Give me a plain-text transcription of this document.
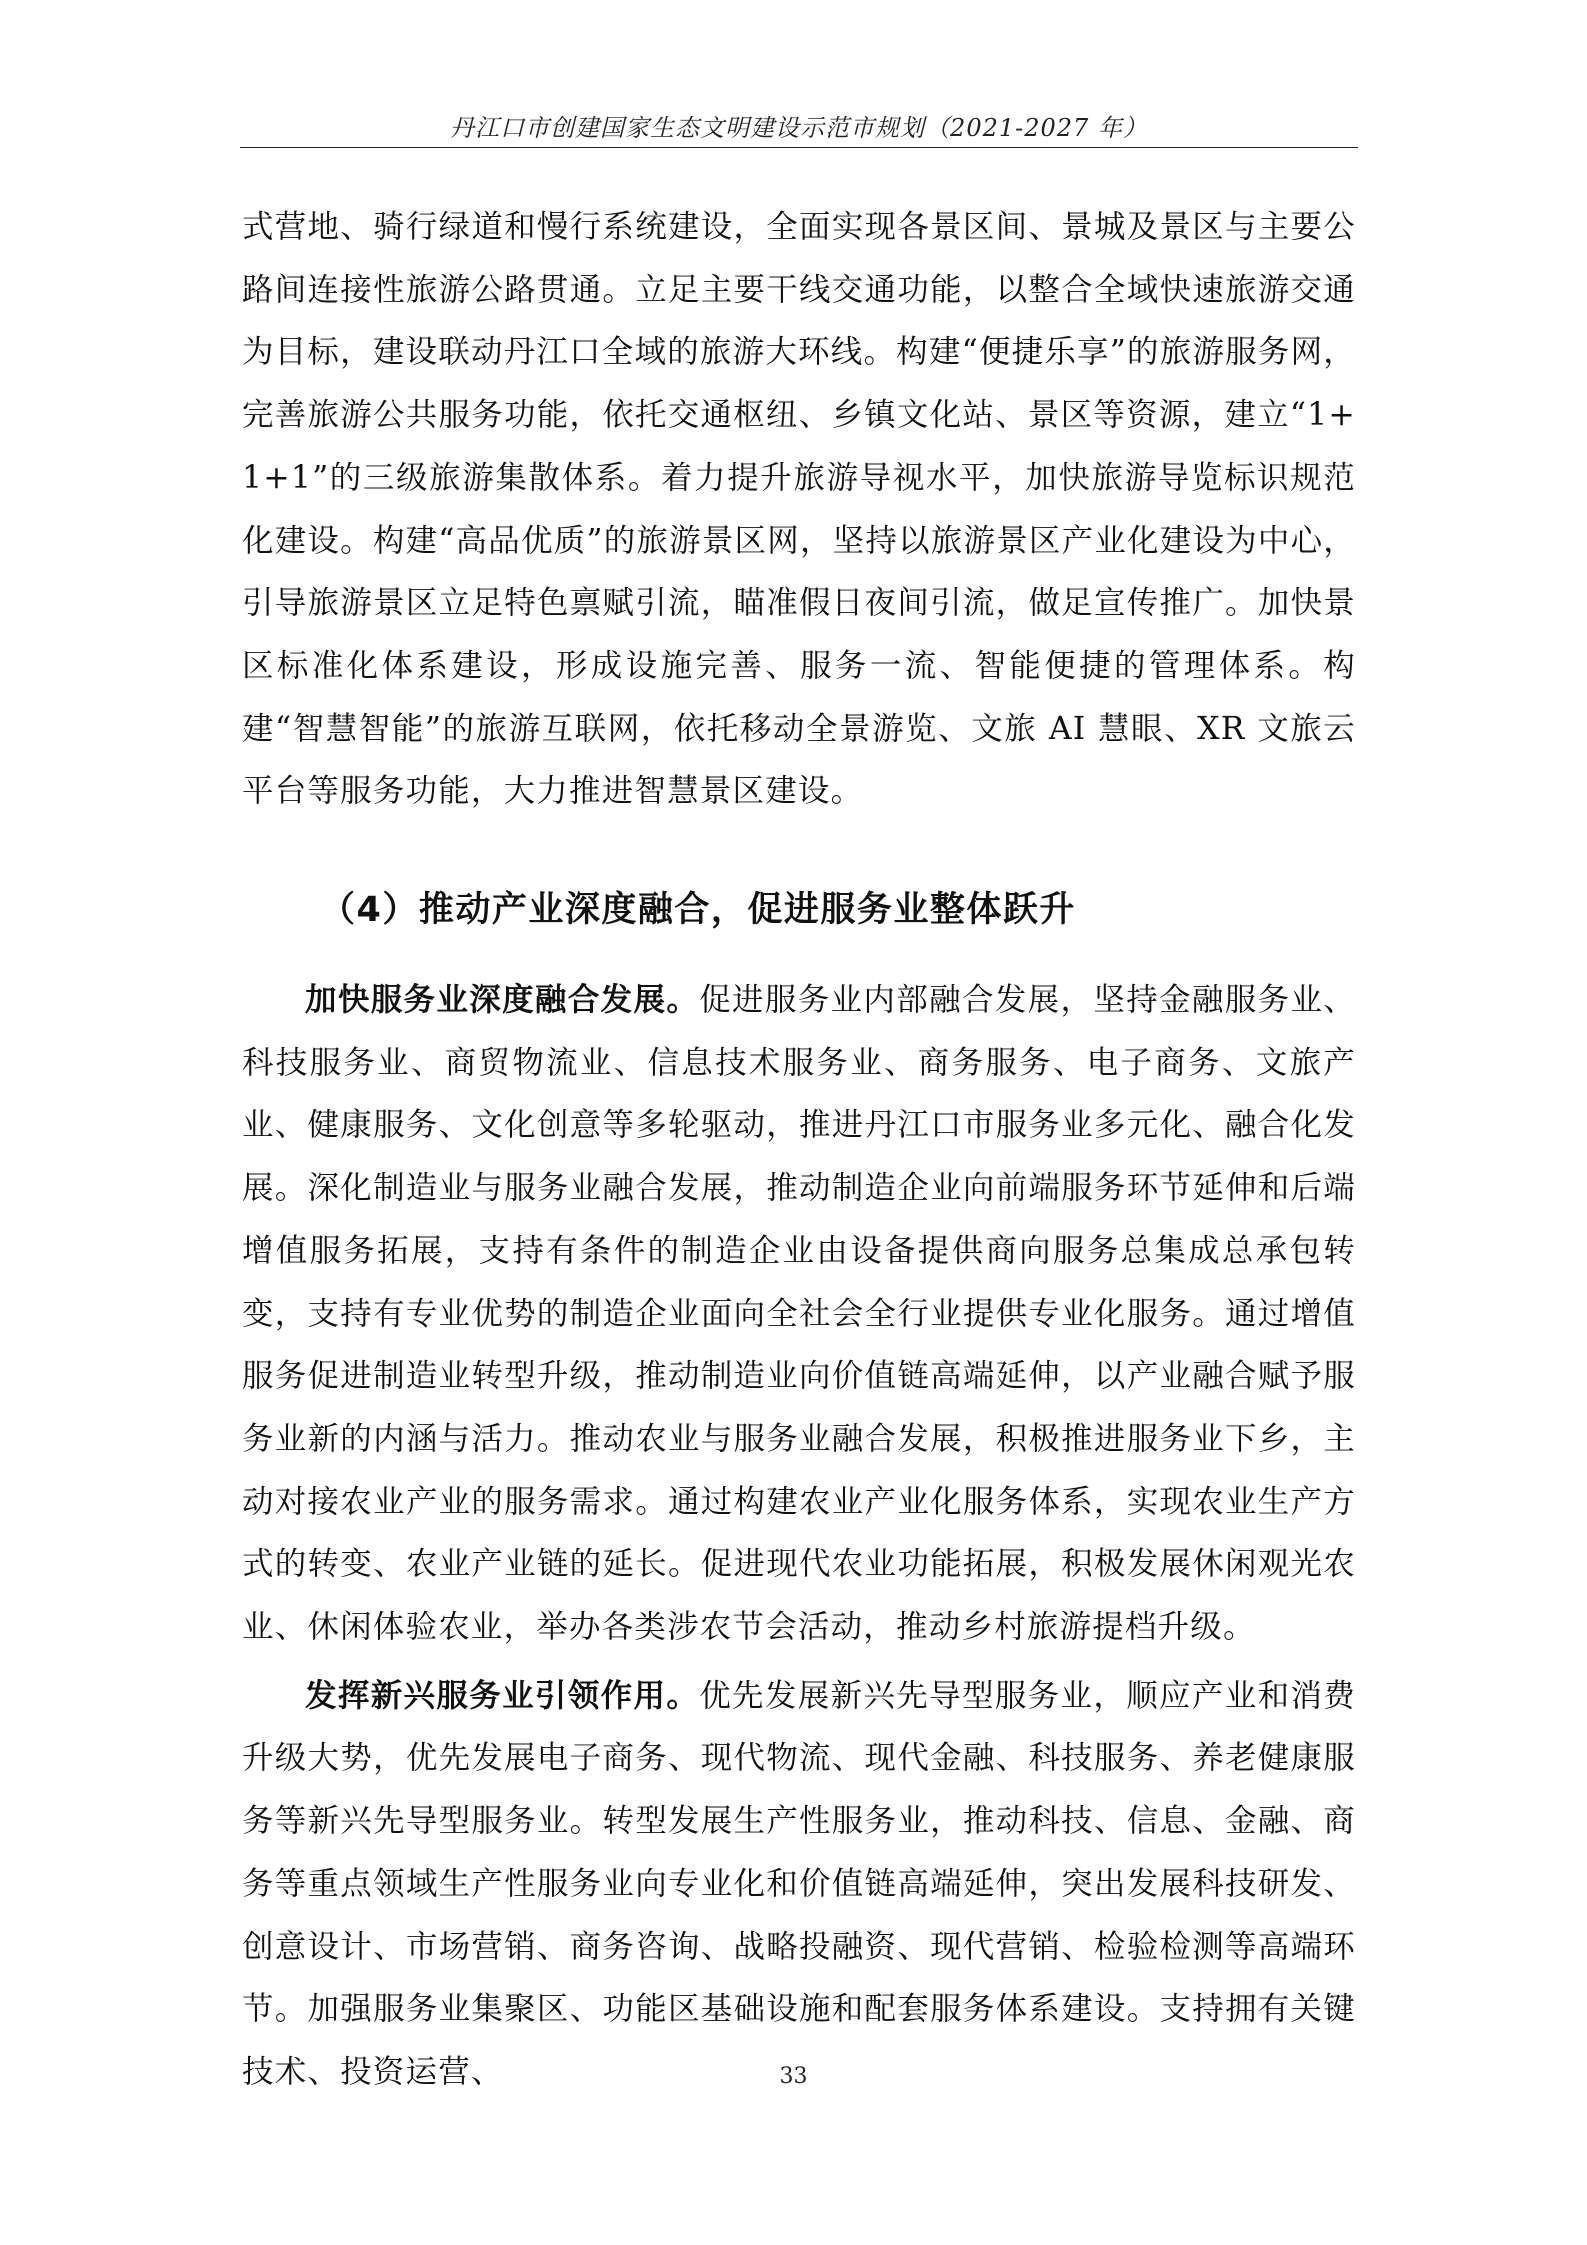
丹江口市创建国家生态文明建设示范市规划（2021-2027 年）

式营地、骑行绿道和慢行系统建设，全面实现各景区间、景城及景区与主要公路间连接性旅游公路贯通。立足主要干线交通功能，以整合全域快速旅游交通为目标，建设联动丹江口全域的旅游大环线。构建“便捷乐享”的旅游服务网，完善旅游公共服务功能，依托交通枢纽、乡镇文化站、景区等资源，建立“1+1+1”的三级旅游集散体系。着力提升旅游导视水平，加快旅游导览标识规范化建设。构建“高品优质”的旅游景区网，坚持以旅游景区产业化建设为中心，引导旅游景区立足特色禀赋引流，瞄准假日夜间引流，做足宣传推广。加快景区标准化体系建设，形成设施完善、服务一流、智能便捷的管理体系。构建“智慧智能”的旅游互联网，依托移动全景游览、文旅 AI 慧眼、XR 文旅云平台等服务功能，大力推进智慧景区建设。

（4）推动产业深度融合，促进服务业整体跃升

加快服务业深度融合发展。促进服务业内部融合发展，坚持金融服务业、科技服务业、商贸物流业、信息技术服务业、商务服务、电子商务、文旅产业、健康服务、文化创意等多轮驱动，推进丹江口市服务业多元化、融合化发展。深化制造业与服务业融合发展，推动制造企业向前端服务环节延伸和后端增值服务拓展，支持有条件的制造企业由设备提供商向服务总集成总承包转变，支持有专业优势的制造企业面向全社会全行业提供专业化服务。通过增值服务促进制造业转型升级，推动制造业向价值链高端延伸，以产业融合赋予服务业新的内涵与活力。推动农业与服务业融合发展，积极推进服务业下乡，主动对接农业产业的服务需求。通过构建农业产业化服务体系，实现农业生产方式的转变、农业产业链的延长。促进现代农业功能拓展，积极发展休闲观光农业、休闲体验农业，举办各类涉农节会活动，推动乡村旅游提档升级。

发挥新兴服务业引领作用。优先发展新兴先导型服务业，顺应产业和消费升级大势，优先发展电子商务、现代物流、现代金融、科技服务、养老健康服务等新兴先导型服务业。转型发展生产性服务业，推动科技、信息、金融、商务等重点领域生产性服务业向专业化和价值链高端延伸，突出发展科技研发、创意设计、市场营销、商务咨询、战略投融资、现代营销、检验检测等高端环节。加强服务业集聚区、功能区基础设施和配套服务体系建设。支持拥有关键技术、投资运营、	33
